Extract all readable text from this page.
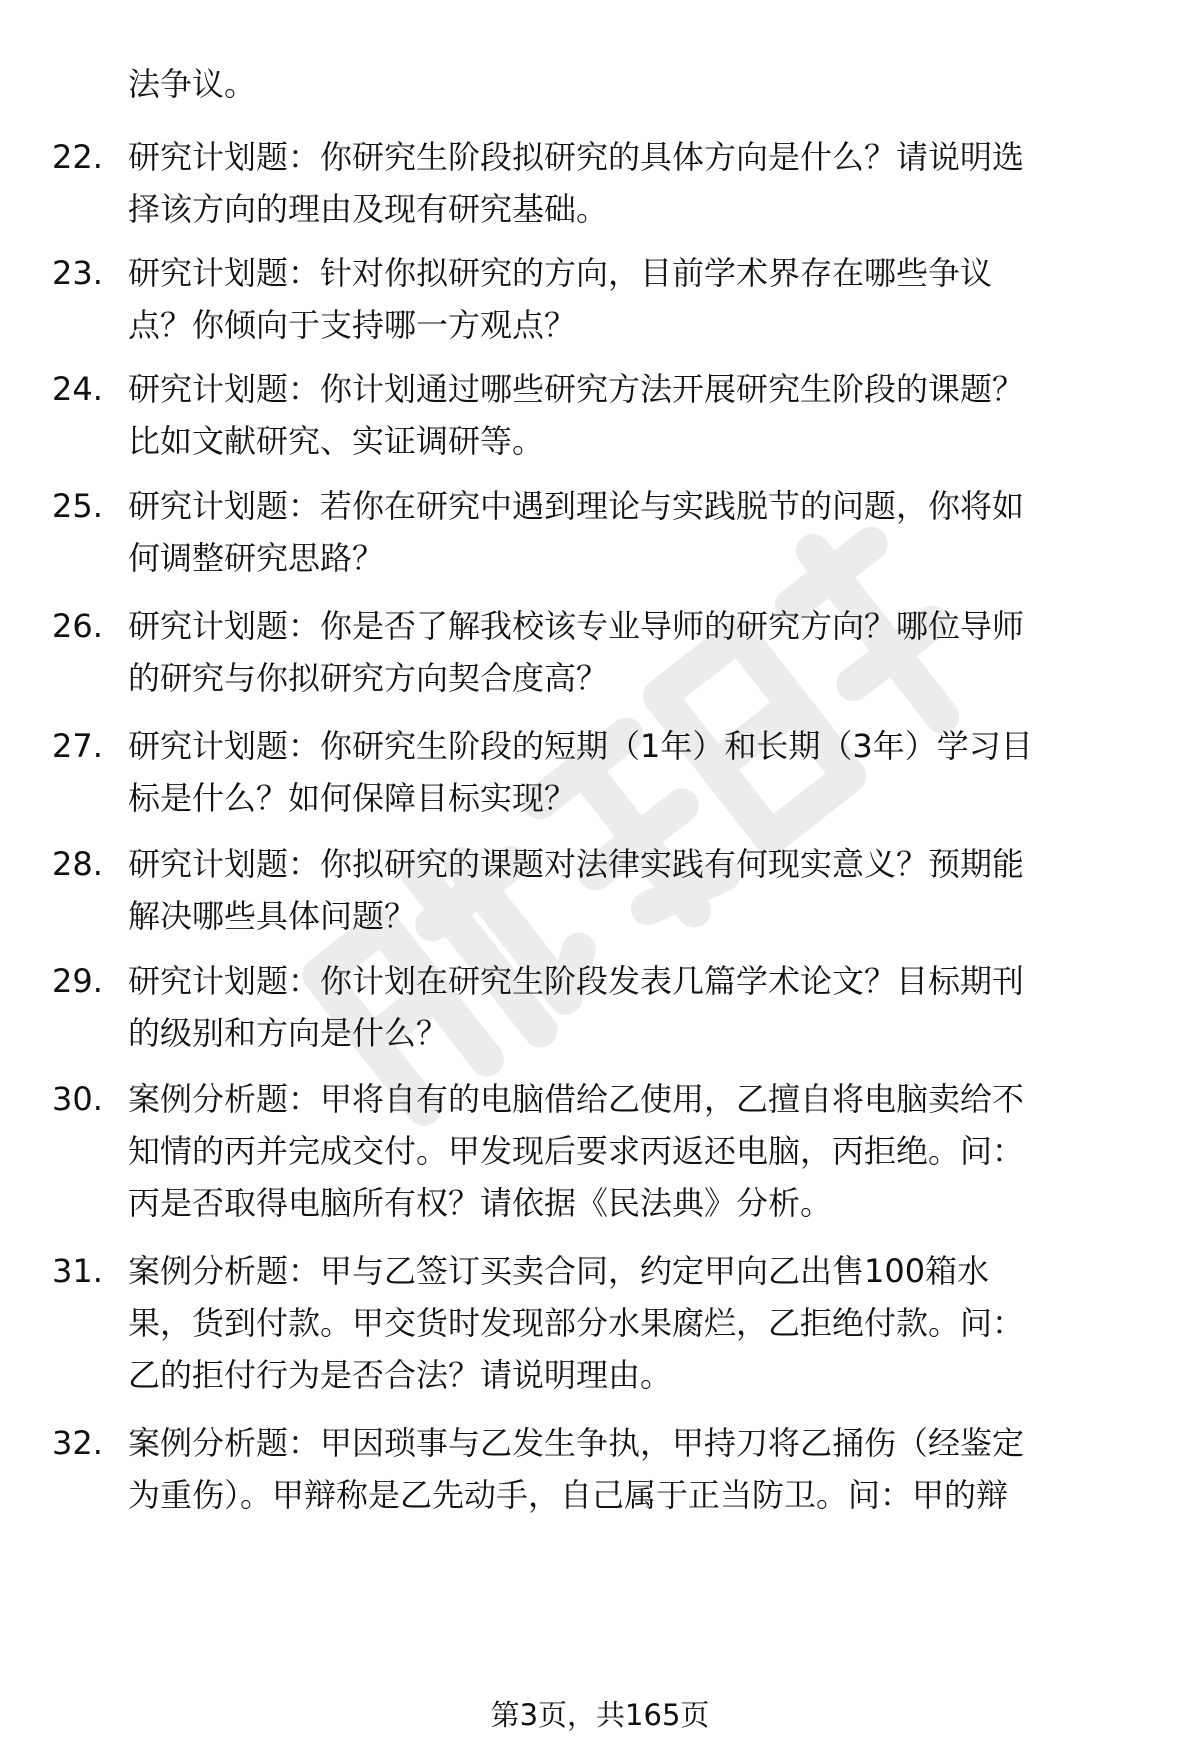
法争议。
22. 研究计划题：你研究生阶段拟研究的具体方向是什么？请说明选
择该方向的理由及现有研究基础。
23. 研究计划题：针对你拟研究的方向，目前学术界存在哪些争议
点？你倾向于支持哪一方观点？
24. 研究计划题：你计划通过哪些研究方法开展研究生阶段的课题？
比如文献研究、实证调研等。
25. 研究计划题：若你在研究中遇到理论与实践脱节的问题，你将如
何调整研究思路？
26. 研究计划题：你是否了解我校该专业导师的研究方向？哪位导师
的研究与你拟研究方向契合度高？
27. 研究计划题：你研究生阶段的短期（1年）和长期（3年）学习目
标是什么？如何保障目标实现？
28. 研究计划题：你拟研究的课题对法律实践有何现实意义？预期能
解决哪些具体问题？
29. 研究计划题：你计划在研究生阶段发表几篇学术论文？目标期刊
的级别和方向是什么？
30. 案例分析题：甲将自有的电脑借给乙使用，乙擅自将电脑卖给不
知情的丙并完成交付。甲发现后要求丙返还电脑，丙拒绝。问：
丙是否取得电脑所有权？请依据《民法典》分析。
31. 案例分析题：甲与乙签订买卖合同，约定甲向乙出售100箱水
果，货到付款。甲交货时发现部分水果腐烂，乙拒绝付款。问：
乙的拒付行为是否合法？请说明理由。
32. 案例分析题：甲因琐事与乙发生争执，甲持刀将乙捅伤（经鉴定
为重伤）。甲辩称是乙先动手，自己属于正当防卫。问：甲的辩
第3页，共165页
